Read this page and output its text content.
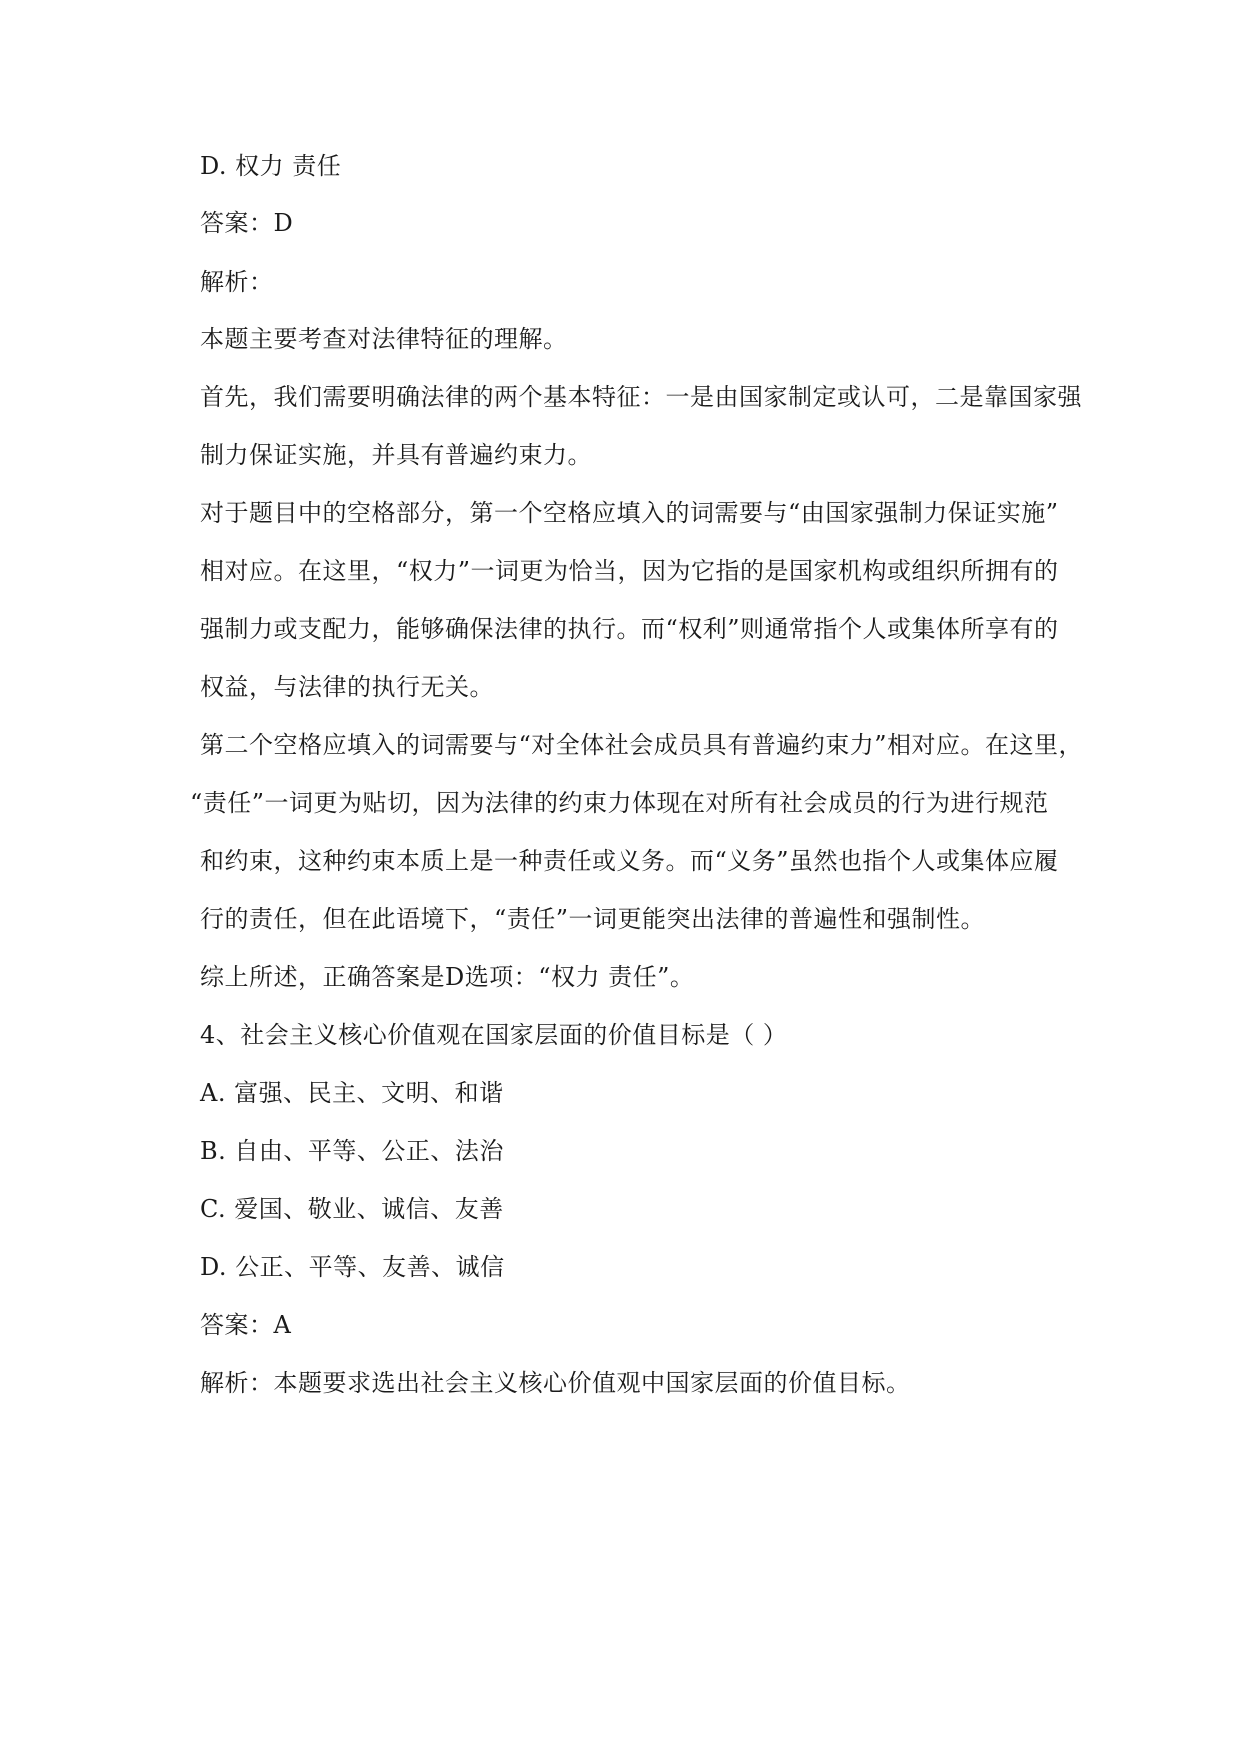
D. 权力 责任
答案：D
解析：
本题主要考查对法律特征的理解。
首先，我们需要明确法律的两个基本特征：一是由国家制定或认可，二是靠国家强
制力保证实施，并具有普遍约束力。
对于题目中的空格部分，第一个空格应填入的词需要与“由国家强制力保证实施”
相对应。在这里，“权力”一词更为恰当，因为它指的是国家机构或组织所拥有的
强制力或支配力，能够确保法律的执行。而“权利”则通常指个人或集体所享有的
权益，与法律的执行无关。
第二个空格应填入的词需要与“对全体社会成员具有普遍约束力”相对应。在这里，
“责任”一词更为贴切，因为法律的约束力体现在对所有社会成员的行为进行规范
和约束，这种约束本质上是一种责任或义务。而“义务”虽然也指个人或集体应履
行的责任，但在此语境下，“责任”一词更能突出法律的普遍性和强制性。
综上所述，正确答案是D选项：“权力 责任”。
4、社会主义核心价值观在国家层面的价值目标是（ ）
A. 富强、民主、文明、和谐
B. 自由、平等、公正、法治
C. 爱国、敬业、诚信、友善
D. 公正、平等、友善、诚信
答案：A
解析：本题要求选出社会主义核心价值观中国家层面的价值目标。
